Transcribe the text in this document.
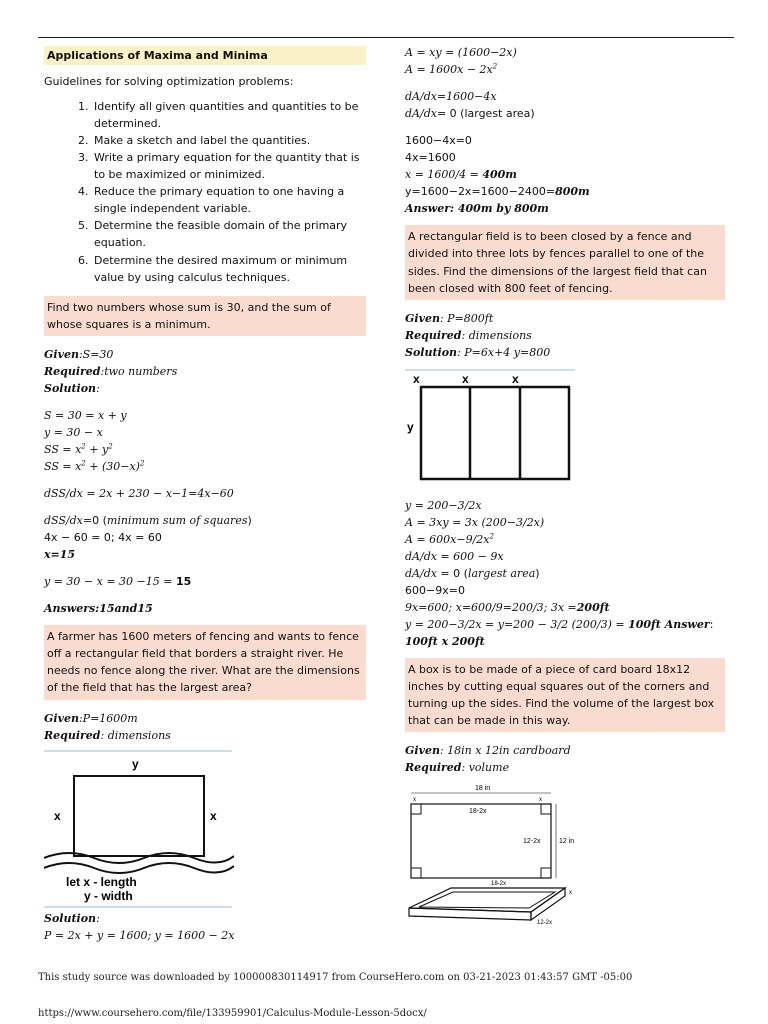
Applications of Maxima and Minima

Guidelines for solving optimization problems:

1. Identify all given quantities and quantities to be determined.
2. Make a sketch and label the quantities.
3. Write a primary equation for the quantity that is to be maximized or minimized.
4. Reduce the primary equation to one having a single independent variable.
5. Determine the feasible domain of the primary equation.
6. Determine the desired maximum or minimum value by using calculus techniques.
Find two numbers whose sum is 30, and the sum of whose squares is a minimum.

Given:S=30

Required:two numbers

Solution:

S = 30 = x + y

y = 30 − x

SS = $x^2 + y^2$

SS = $x^2 + (30-x)^2$

dSS/dx = 2x + 230 − x−1=4x−60

dSS/dx=0 (minimum sum of squares)

4x − 60 = 0; 4x = 60

x=15

y = 30 − x = 30 −15 = 15

Answers:15and15

A farmer has 1600 meters of fencing and wants to fence off a rectangular field that borders a straight river. He needs no fence along the river. What are the dimensions of the field that has the largest area?

Given:P=1600m

Required: dimensions

y
x	x
let x - length
y - width

Solution:

P = 2x + y = 1600; y = 1600 − 2x

A = xy = (1600−2x)

$A = 1600x - 2x^2$

dA/dx=1600−4x

dA/dx= 0 (largest area)

1600−4x=0

4x=1600

x = 1600/4 = 400m

y=1600−2x=1600−2400=800m

Answer: 400m by 800m

A rectangular field is to been closed by a fence and divided into three lots by fences parallel to one of the sides. Find the dimensions of the largest field that can been closed with 800 feet of fencing.

Given: P=800ft

Required: dimensions

Solution: P=6x+4 y=800

x	x	x
y

y = 200−3/2x

A = 3xy = 3x (200−3/2x)

$A = 600x-9/2x^2$

dA/dx = 600 − 9x

dA/dx = 0 (largest area)

600−9x=0

9x=600; x=600/9=200/3; 3x =200ft

y = 200−3/2x = y=200 − 3/2 (200/3) = 100ft Answer: 100ft x 200ft

A box is to be made of a piece of card board 18x12 inches by cutting equal squares out of the corners and turning up the sides. Find the volume of the largest box that can be made in this way.

Given: 18in x 12in cardboard

Required: volume

18 in
x	x
18-2x
12-2x	12 in
18-2x
x
12-2x
This study source was downloaded by 100000830114917 from CourseHero.com on 03-21-2023 01:43:57 GMT -05:00
https://www.coursehero.com/file/133959901/Calculus-Module-Lesson-5docx/
